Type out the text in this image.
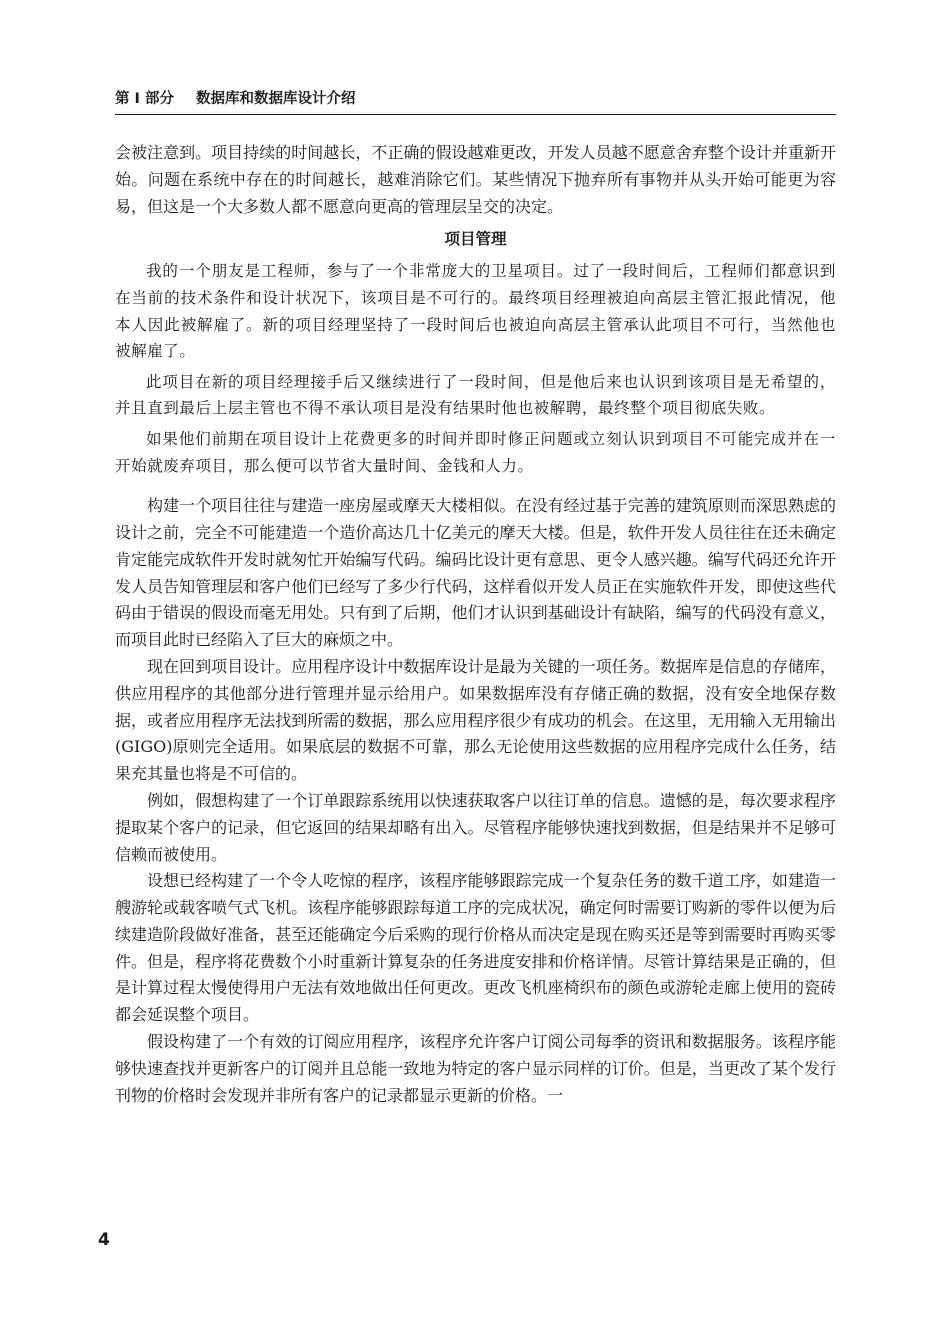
第 I 部分 数据库和数据库设计介绍

会被注意到。项目持续的时间越长，不正确的假设越难更改，开发人员越不愿意舍弃整个设计并重新开始。问题在系统中存在的时间越长，越难消除它们。某些情况下抛弃所有事物并从头开始可能更为容易，但这是一个大多数人都不愿意向更高的管理层呈交的决定。

项目管理

我的一个朋友是工程师，参与了一个非常庞大的卫星项目。过了一段时间后，工程师们都意识到在当前的技术条件和设计状况下，该项目是不可行的。最终项目经理被迫向高层主管汇报此情况，他本人因此被解雇了。新的项目经理坚持了一段时间后也被迫向高层主管承认此项目不可行，当然他也被解雇了。

此项目在新的项目经理接手后又继续进行了一段时间，但是他后来也认识到该项目是无希望的，并且直到最后上层主管也不得不承认项目是没有结果时他也被解聘，最终整个项目彻底失败。

如果他们前期在项目设计上花费更多的时间并即时修正问题或立刻认识到项目不可能完成并在一开始就废弃项目，那么便可以节省大量时间、金钱和人力。

构建一个项目往往与建造一座房屋或摩天大楼相似。在没有经过基于完善的建筑原则而深思熟虑的设计之前，完全不可能建造一个造价高达几十亿美元的摩天大楼。但是，软件开发人员往往在还未确定肯定能完成软件开发时就匆忙开始编写代码。编码比设计更有意思、更令人感兴趣。编写代码还允许开发人员告知管理层和客户他们已经写了多少行代码，这样看似开发人员正在实施软件开发，即使这些代码由于错误的假设而毫无用处。只有到了后期，他们才认识到基础设计有缺陷，编写的代码没有意义，而项目此时已经陷入了巨大的麻烦之中。

现在回到项目设计。应用程序设计中数据库设计是最为关键的一项任务。数据库是信息的存储库，供应用程序的其他部分进行管理并显示给用户。如果数据库没有存储正确的数据，没有安全地保存数据，或者应用程序无法找到所需的数据，那么应用程序很少有成功的机会。在这里，无用输入无用输出(GIGO)原则完全适用。如果底层的数据不可靠，那么无论使用这些数据的应用程序完成什么任务，结果充其量也将是不可信的。

例如，假想构建了一个订单跟踪系统用以快速获取客户以往订单的信息。遗憾的是，每次要求程序提取某个客户的记录，但它返回的结果却略有出入。尽管程序能够快速找到数据，但是结果并不足够可信赖而被使用。

设想已经构建了一个令人吃惊的程序，该程序能够跟踪完成一个复杂任务的数千道工序，如建造一艘游轮或载客喷气式飞机。该程序能够跟踪每道工序的完成状况，确定何时需要订购新的零件以便为后续建造阶段做好准备，甚至还能确定今后采购的现行价格从而决定是现在购买还是等到需要时再购买零件。但是，程序将花费数个小时重新计算复杂的任务进度安排和价格详情。尽管计算结果是正确的，但是计算过程太慢使得用户无法有效地做出任何更改。更改飞机座椅织布的颜色或游轮走廊上使用的瓷砖都会延误整个项目。

假设构建了一个有效的订阅应用程序，该程序允许客户订阅公司每季的资讯和数据服务。该程序能够快速查找并更新客户的订阅并且总能一致地为特定的客户显示同样的订价。但是，当更改了某个发行刊物的价格时会发现并非所有客户的记录都显示更新的价格。一

4
